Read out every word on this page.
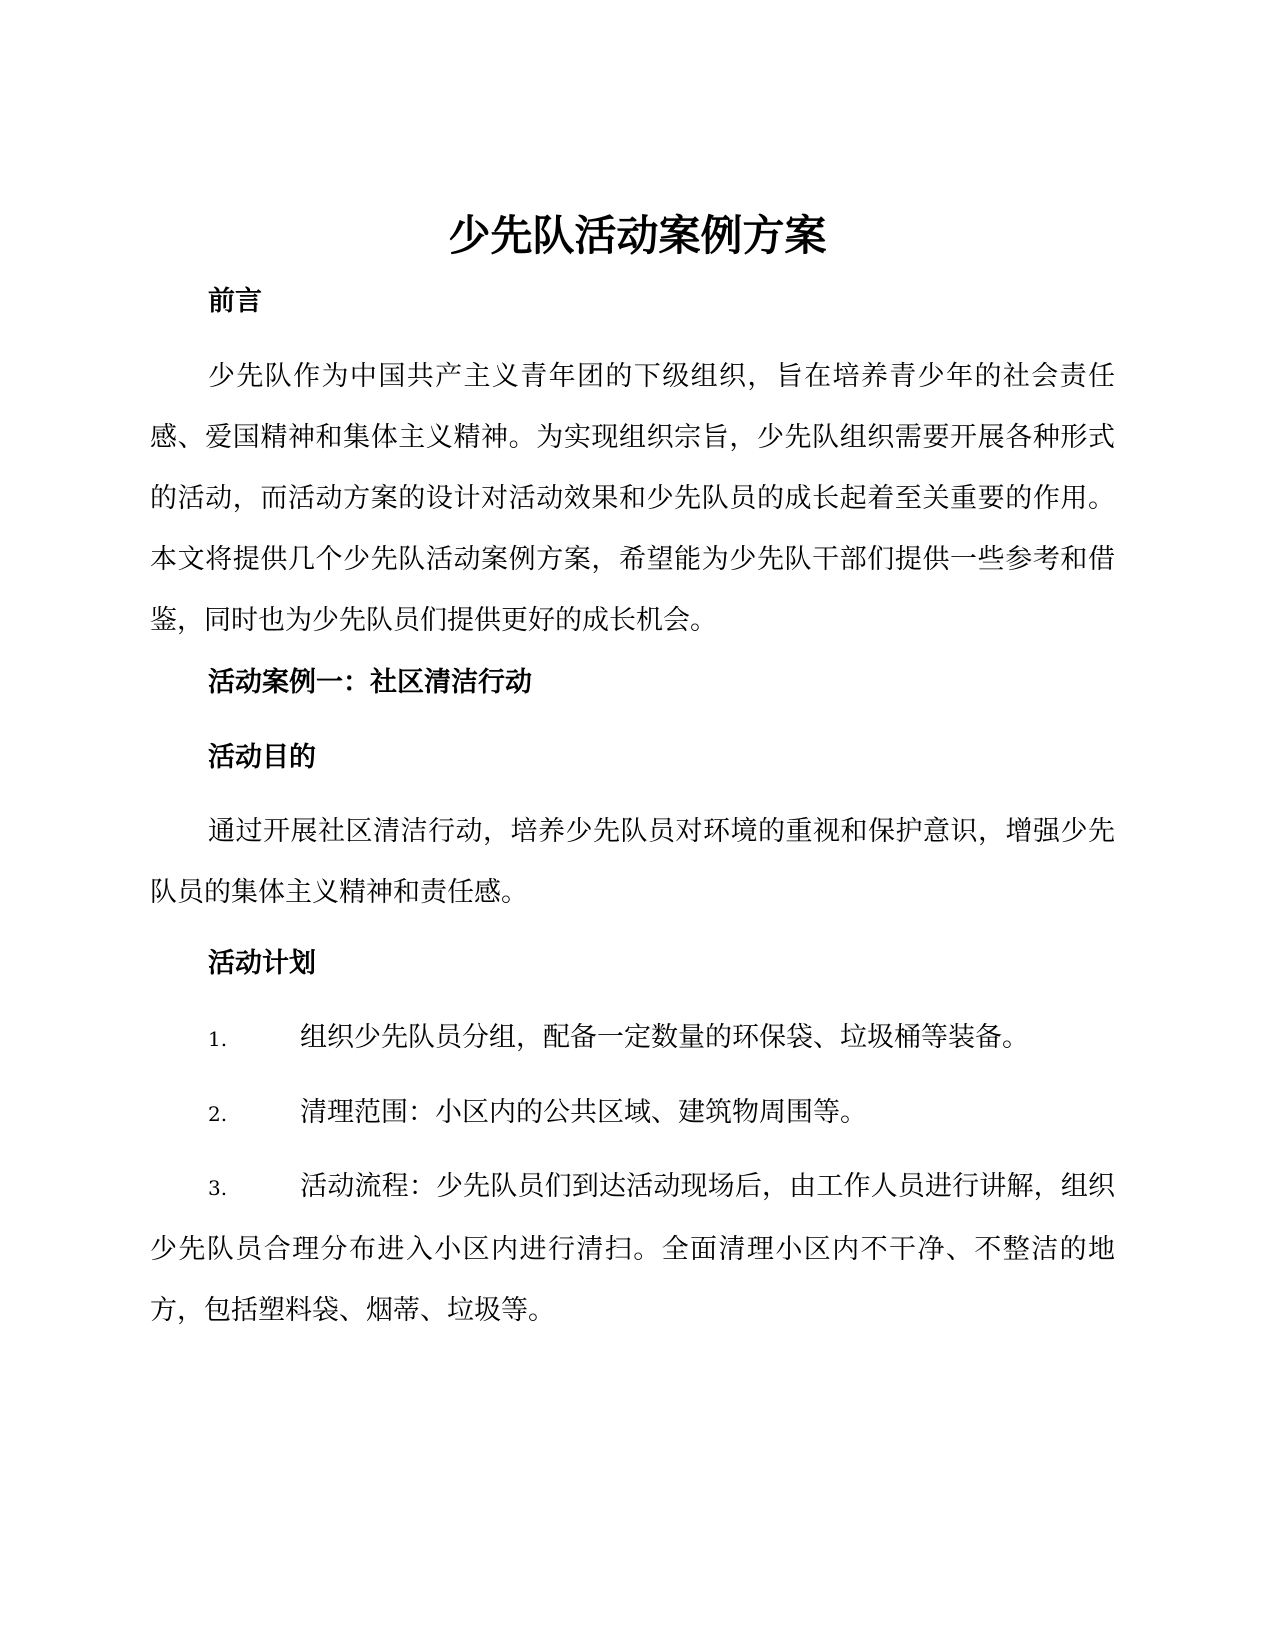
少先队活动案例方案
前言

少先队作为中国共产主义青年团的下级组织，旨在培养青少年的社会责任感、爱国精神和集体主义精神。为实现组织宗旨，少先队组织需要开展各种形式的活动，而活动方案的设计对活动效果和少先队员的成长起着至关重要的作用。本文将提供几个少先队活动案例方案，希望能为少先队干部们提供一些参考和借鉴，同时也为少先队员们提供更好的成长机会。

活动案例一：社区清洁行动
活动目的

通过开展社区清洁行动，培养少先队员对环境的重视和保护意识，增强少先队员的集体主义精神和责任感。

活动计划

1.	组织少先队员分组，配备一定数量的环保袋、垃圾桶等装备。

2.	清理范围：小区内的公共区域、建筑物周围等。

3.	活动流程：少先队员们到达活动现场后，由工作人员进行讲解，组织少先队员合理分布进入小区内进行清扫。全面清理小区内不干净、不整洁的地方，包括塑料袋、烟蒂、垃圾等。
